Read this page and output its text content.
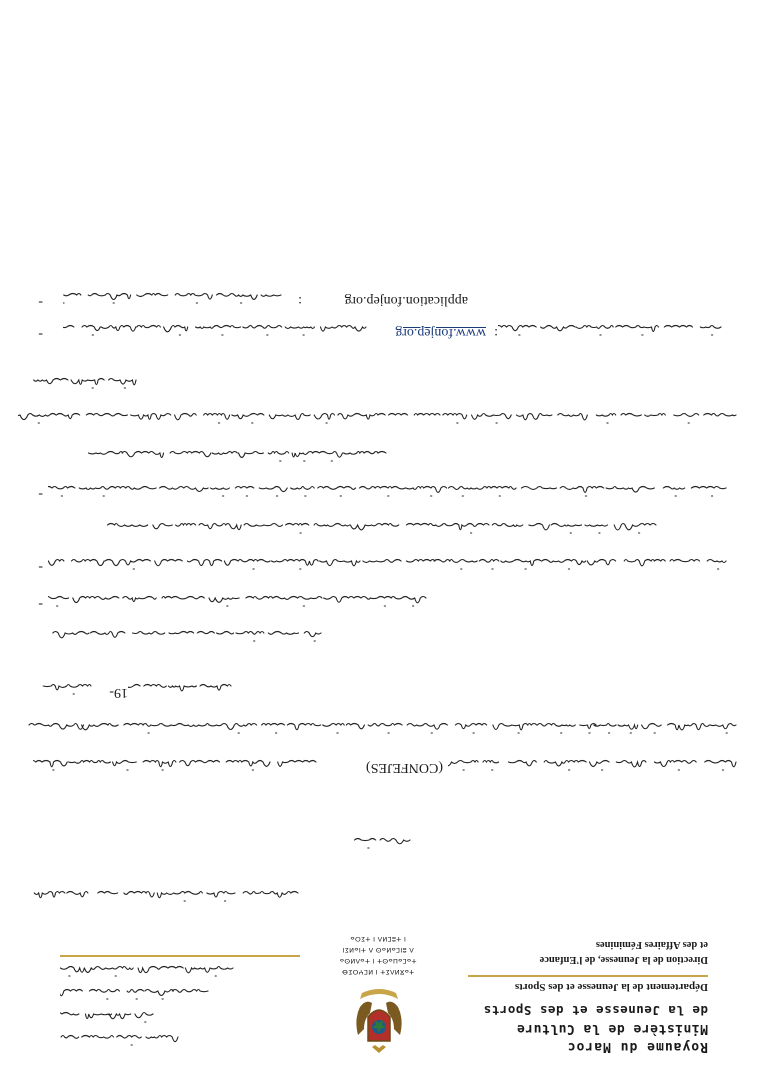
Royaume du Maroc
Ministère de la Culture
de la Jeunesse et des Sports
Département de la Jeunesse et des Sports
Direction de la Jeunesse, de l'Enfance
et des Affaires Féminines
ⵜⴰⴳⵍⴷⵉⵜ ⵏ ⵍⵎⵖⵔⵉⴱ
ⵜⴰⵎⴰⵡⴰⵙⵜ ⵏ ⵜⴰⴷⵍⵙⴰ
ⴷ ⵓⵏⵎⴰⵍⴰⵙ ⴷ ⵜⵏⴰⵍⵉⵏ
ⵏ ⵜⵓⵎⵍⴷ ⵏ ⵜⵉⵔⴰ
(CONFEJES)
19-
-
-
-
:
www.fonjep.org
-
application.fonjep.org
:
-
